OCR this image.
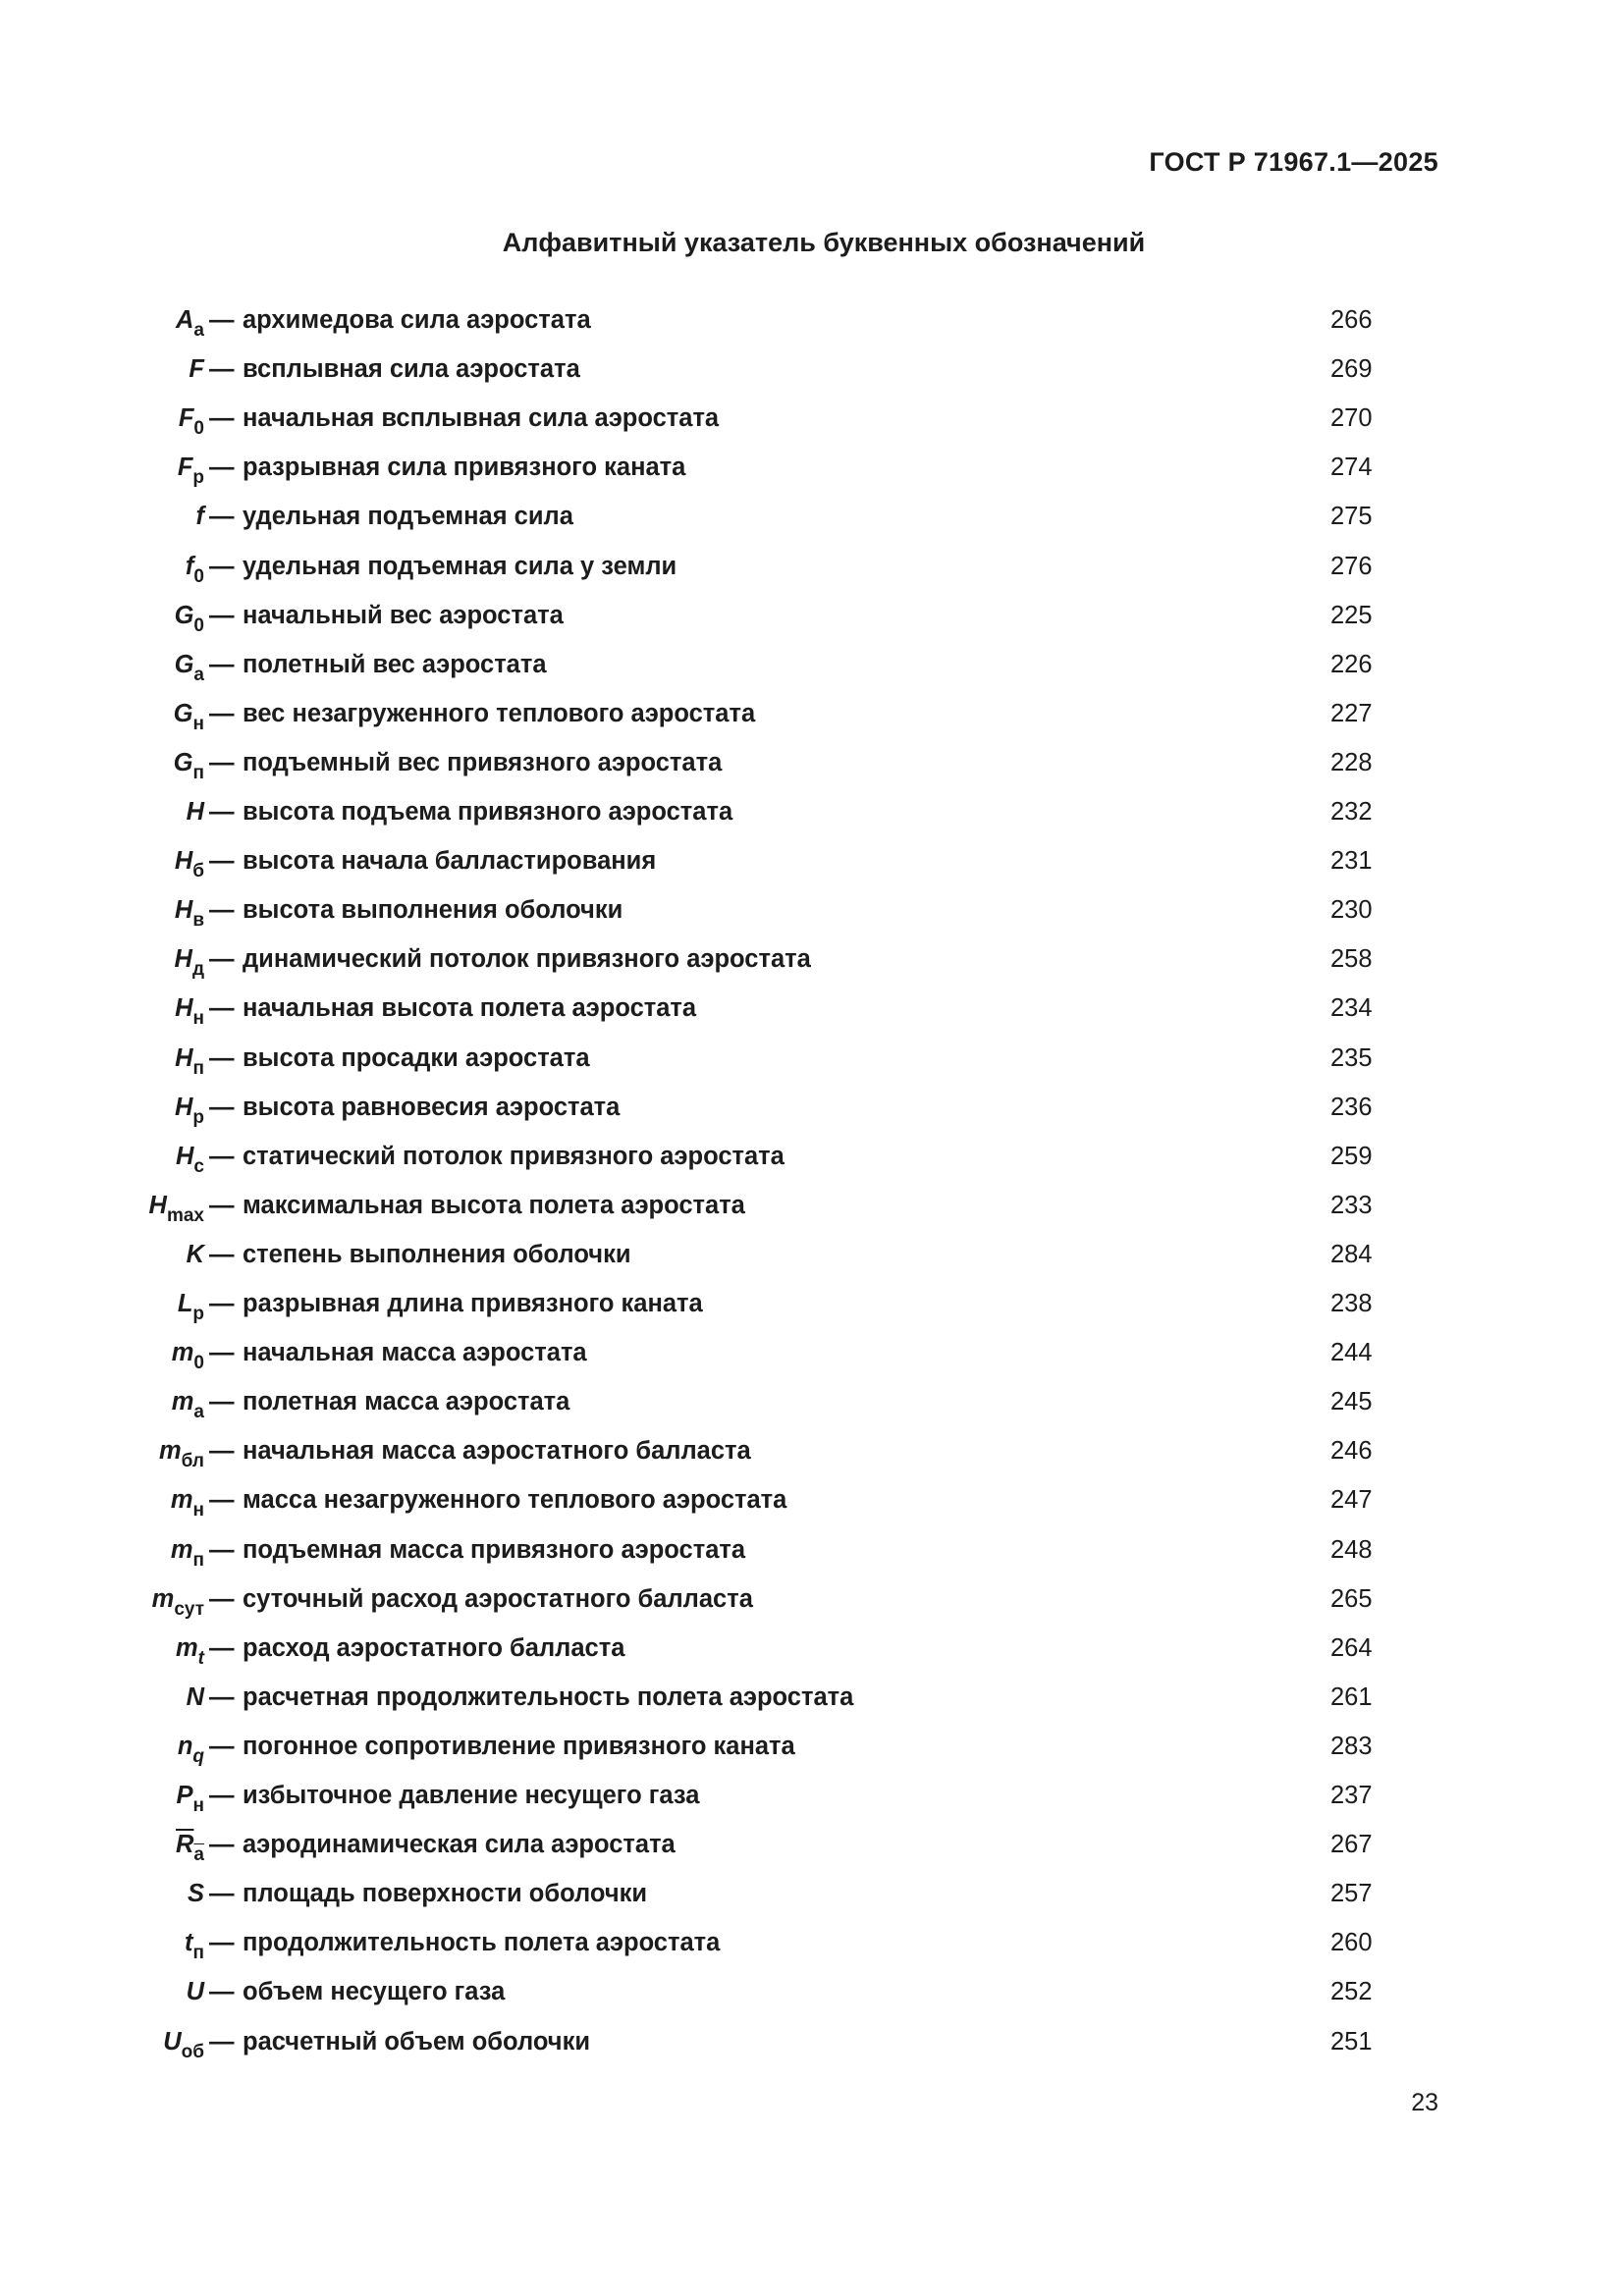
ГОСТ Р 71967.1—2025
Алфавитный указатель буквенных обозначений
$A_а$ — архимедова сила аэростата	266
F — всплывная сила аэростата	269
$F_0$ — начальная всплывная сила аэростата	270
$F_р$ — разрывная сила привязного каната	274
f — удельная подъемная сила	275
$f_0$ — удельная подъемная сила у земли	276
$G_0$ — начальный вес аэростата	225
$G_а$ — полетный вес аэростата	226
$G_н$ — вес незагруженного теплового аэростата	227
$G_п$ — подъемный вес привязного аэростата	228
H — высота подъема привязного аэростата	232
$H_б$ — высота начала балластирования	231
$H_в$ — высота выполнения оболочки	230
$H_д$ — динамический потолок привязного аэростата	258
$H_н$ — начальная высота полета аэростата	234
$H_п$ — высота просадки аэростата	235
$H_р$ — высота равновесия аэростата	236
$H_с$ — статический потолок привязного аэростата	259
$H_{max}$ — максимальная высота полета аэростата	233
K — степень выполнения оболочки	284
$L_р$ — разрывная длина привязного каната	238
$m_0$ — начальная масса аэростата	244
$m_а$ — полетная масса аэростата	245
$m_{бл}$ — начальная масса аэростатного балласта	246
$m_н$ — масса незагруженного теплового аэростата	247
$m_п$ — подъемная масса привязного аэростата	248
$m_{сут}$ — суточный расход аэростатного балласта	265
$m_t$ — расход аэростатного балласта	264
N — расчетная продолжительность полета аэростата	261
$n_q$ — погонное сопротивление привязного каната	283
$P_н$ — избыточное давление несущего газа	237
$\overline{R}_{\overline{a}}$ — аэродинамическая сила аэростата	267
S — площадь поверхности оболочки	257
$t_п$ — продолжительность полета аэростата	260
U — объем несущего газа	252
$U_{об}$ — расчетный объем оболочки	251
23
